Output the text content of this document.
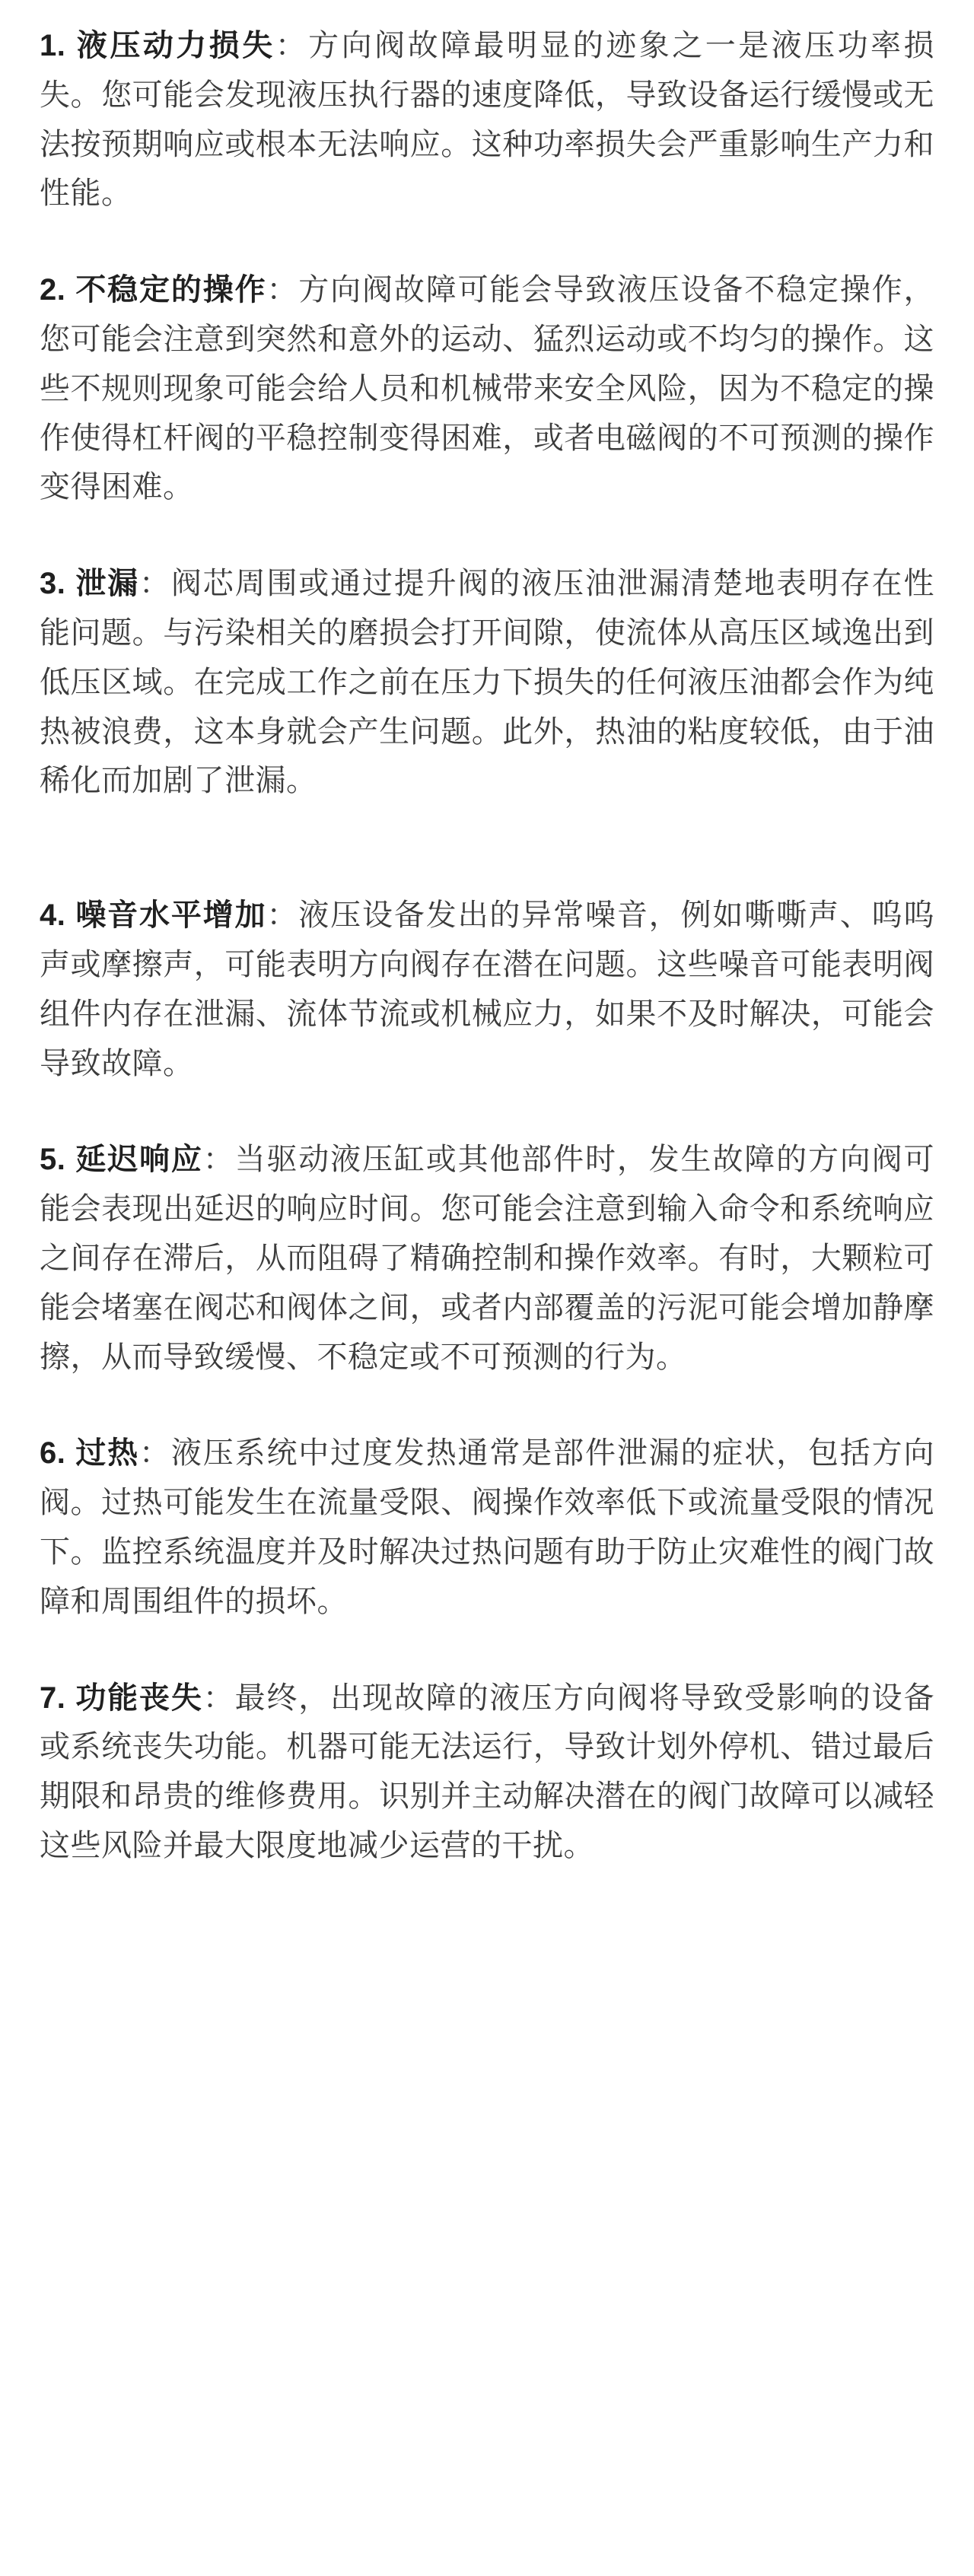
1. 液压动力损失：方向阀故障最明显的迹象之一是液压功率损失。您可能会发现液压执行器的速度降低，导致设备运行缓慢或无法按预期响应或根本无法响应。这种功率损失会严重影响生产力和性能。

2. 不稳定的操作：方向阀故障可能会导致液压设备不稳定操作，您可能会注意到突然和意外的运动、猛烈运动或不均匀的操作。这些不规则现象可能会给人员和机械带来安全风险，因为不稳定的操作使得杠杆阀的平稳控制变得困难，或者电磁阀的不可预测的操作变得困难。

3. 泄漏：阀芯周围或通过提升阀的液压油泄漏清楚地表明存在性能问题。与污染相关的磨损会打开间隙，使流体从高压区域逸出到低压区域。在完成工作之前在压力下损失的任何液压油都会作为纯热被浪费，这本身就会产生问题。此外，热油的粘度较低，由于油稀化而加剧了泄漏。

4. 噪音水平增加：液压设备发出的异常噪音，例如嘶嘶声、呜呜声或摩擦声，可能表明方向阀存在潜在问题。这些噪音可能表明阀组件内存在泄漏、流体节流或机械应力，如果不及时解决，可能会导致故障。

5. 延迟响应：当驱动液压缸或其他部件时，发生故障的方向阀可能会表现出延迟的响应时间。您可能会注意到输入命令和系统响应之间存在滞后，从而阻碍了精确控制和操作效率。有时，大颗粒可能会堵塞在阀芯和阀体之间，或者内部覆盖的污泥可能会增加静摩擦，从而导致缓慢、不稳定或不可预测的行为。

6. 过热：液压系统中过度发热通常是部件泄漏的症状，包括方向阀。过热可能发生在流量受限、阀操作效率低下或流量受限的情况下。监控系统温度并及时解决过热问题有助于防止灾难性的阀门故障和周围组件的损坏。

7. 功能丧失：最终，出现故障的液压方向阀将导致受影响的设备或系统丧失功能。机器可能无法运行，导致计划外停机、错过最后期限和昂贵的维修费用。识别并主动解决潜在的阀门故障可以减轻这些风险并最大限度地减少运营的干扰。
